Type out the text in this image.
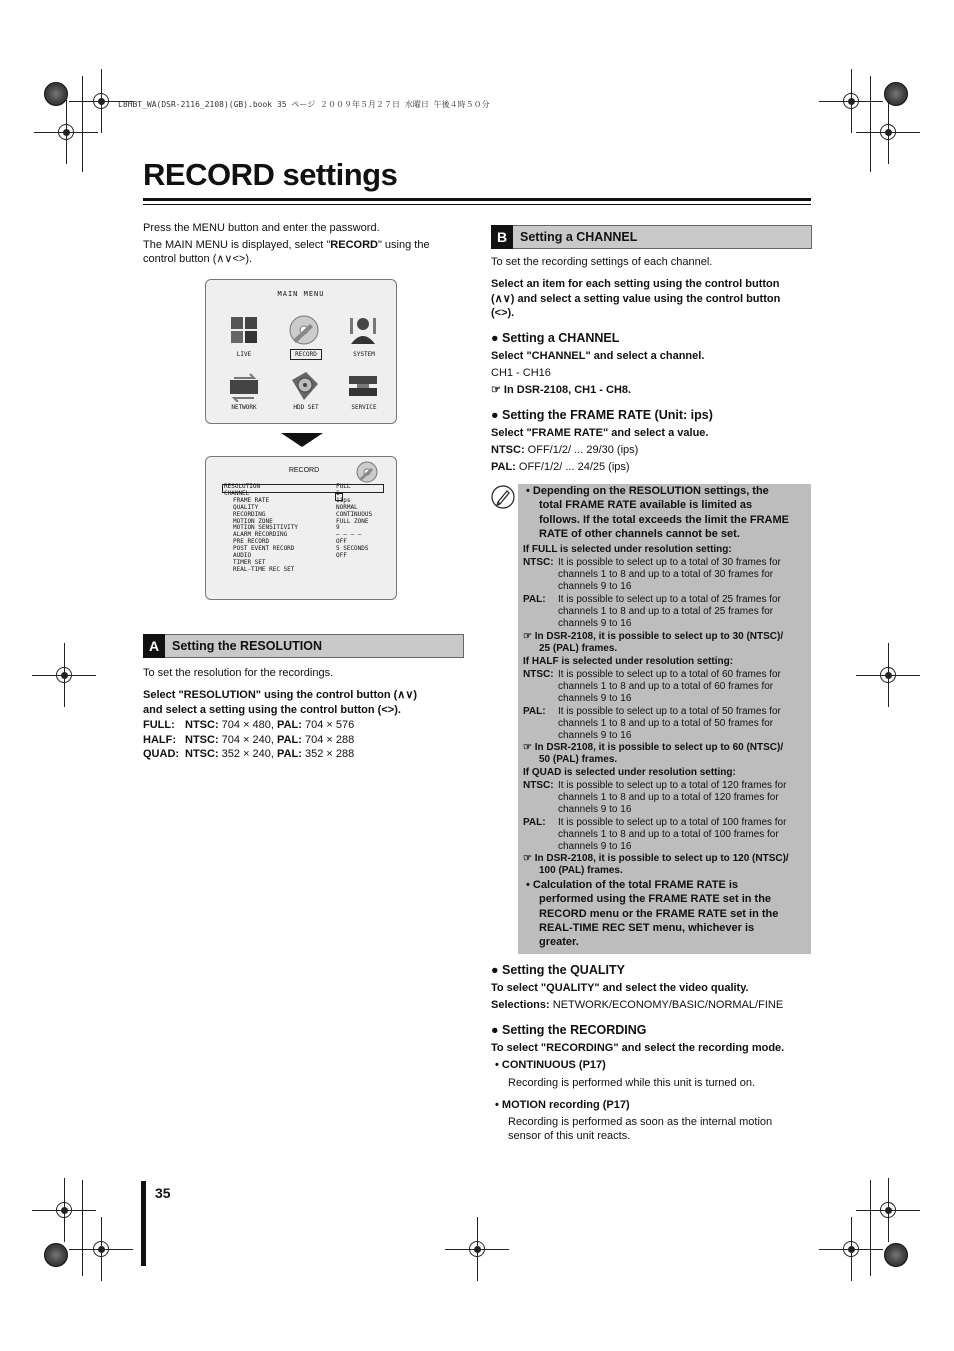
L8HBT_WA(DSR-2116_2108)(GB).book 35 ページ ２００９年５月２７日 水曜日 午後４時５０分
RECORD settings
Press the MENU button and enter the password.
The MAIN MENU is displayed, select "RECORD" using the
control button (∧∨<>).
MAIN MENU
LIVE	RECORD	SYSTEM
NETWORK	HDD SET	SERVICE
RECORD
RESOLUTION	FULL
CHANNEL	1
FRAME RATE	1ips
QUALITY	NORMAL
RECORDING	CONTINUOUS
MOTION ZONE	FULL ZONE
MOTION SENSITIVITY	9
ALARM RECORDING	— — — —
PRE RECORD	OFF
POST EVENT RECORD	5 SECONDS
AUDIO	OFF
TIMER SET
REAL-TIME REC SET
A	Setting the RESOLUTION
To set the resolution for the recordings.
Select "RESOLUTION" using the control button (∧∨)
and select a setting using the control button (<>).
FULL: NTSC: 704 × 480, PAL: 704 × 576
HALF: NTSC: 704 × 240, PAL: 704 × 288
QUAD: NTSC: 352 × 240, PAL: 352 × 288
B	Setting a CHANNEL
To set the recording settings of each channel.
Select an item for each setting using the control button
(∧∨) and select a setting value using the control button
(<>).
● Setting a CHANNEL
Select "CHANNEL" and select a channel.
CH1 - CH16
☞ In DSR-2108, CH1 - CH8.
● Setting the FRAME RATE (Unit: ips)
Select "FRAME RATE" and select a value.
NTSC: OFF/1/2/ ... 29/30 (ips)
PAL: OFF/1/2/ ... 24/25 (ips)
• Depending on the RESOLUTION settings, the
total FRAME RATE available is limited as
follows. If the total exceeds the limit the FRAME
RATE of other channels cannot be set.
If FULL is selected under resolution setting:
NTSC: It is possible to select up to a total of 30 frames for
channels 1 to 8 and up to a total of 30 frames for
channels 9 to 16
PAL: It is possible to select up to a total of 25 frames for
channels 1 to 8 and up to a total of 25 frames for
channels 9 to 16
☞ In DSR-2108, it is possible to select up to 30 (NTSC)/
25 (PAL) frames.
If HALF is selected under resolution setting:
NTSC: It is possible to select up to a total of 60 frames for
channels 1 to 8 and up to a total of 60 frames for
channels 9 to 16
PAL: It is possible to select up to a total of 50 frames for
channels 1 to 8 and up to a total of 50 frames for
channels 9 to 16
☞ In DSR-2108, it is possible to select up to 60 (NTSC)/
50 (PAL) frames.
If QUAD is selected under resolution setting:
NTSC: It is possible to select up to a total of 120 frames for
channels 1 to 8 and up to a total of 120 frames for
channels 9 to 16
PAL: It is possible to select up to a total of 100 frames for
channels 1 to 8 and up to a total of 100 frames for
channels 9 to 16
☞ In DSR-2108, it is possible to select up to 120 (NTSC)/
100 (PAL) frames.
• Calculation of the total FRAME RATE is
performed using the FRAME RATE set in the
RECORD menu or the FRAME RATE set in the
REAL-TIME REC SET menu, whichever is
greater.
● Setting the QUALITY
To select "QUALITY" and select the video quality.
Selections: NETWORK/ECONOMY/BASIC/NORMAL/FINE
● Setting the RECORDING
To select "RECORDING" and select the recording mode.
• CONTINUOUS (P17)
Recording is performed while this unit is turned on.
• MOTION recording (P17)
Recording is performed as soon as the internal motion
sensor of this unit reacts.
35
